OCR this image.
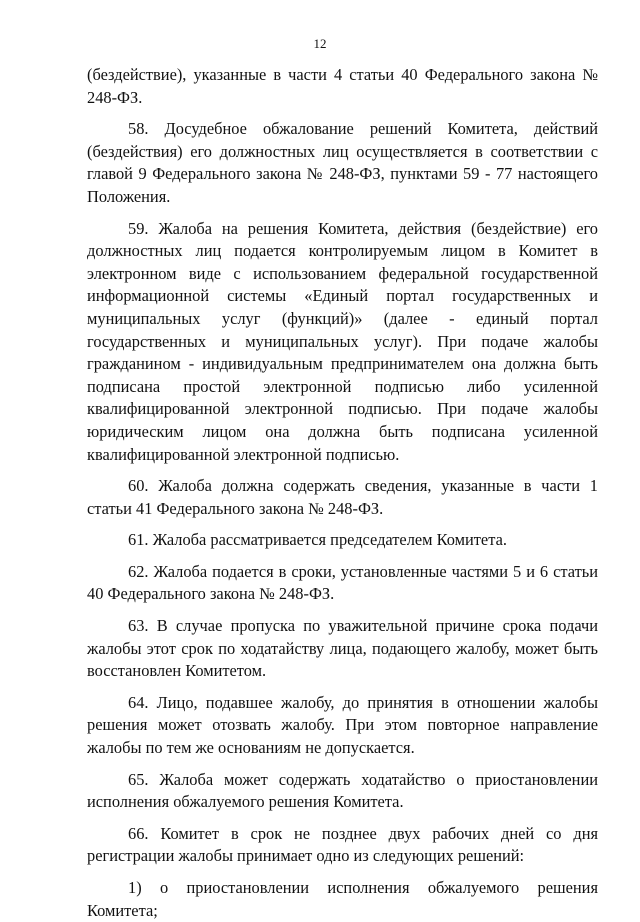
12

(бездействие), указанные в части 4 статьи 40 Федерального закона № 248-ФЗ.

58. Досудебное обжалование решений Комитета, действий (бездействия) его должностных лиц осуществляется в соответствии с главой 9 Федерального закона № 248-ФЗ, пунктами 59 - 77 настоящего Положения.

59. Жалоба на решения Комитета, действия (бездействие) его должностных лиц подается контролируемым лицом в Комитет в электронном виде с использованием федеральной государственной информационной системы «Единый портал государственных и муниципальных услуг (функций)» (далее - единый портал государственных и муниципальных услуг). При подаче жалобы гражданином - индивидуальным предпринимателем она должна быть подписана простой электронной подписью либо усиленной квалифицированной электронной подписью. При подаче жалобы юридическим лицом она должна быть подписана усиленной квалифицированной электронной подписью.

60. Жалоба должна содержать сведения, указанные в части 1 статьи 41 Федерального закона № 248-ФЗ.

61. Жалоба рассматривается председателем Комитета.

62. Жалоба подается в сроки, установленные частями 5 и 6 статьи 40 Федерального закона № 248-ФЗ.

63. В случае пропуска по уважительной причине срока подачи жалобы этот срок по ходатайству лица, подающего жалобу, может быть восстановлен Комитетом.

64. Лицо, подавшее жалобу, до принятия в отношении жалобы решения может отозвать жалобу. При этом повторное направление жалобы по тем же основаниям не допускается.

65. Жалоба может содержать ходатайство о приостановлении исполнения обжалуемого решения Комитета.

66. Комитет в срок не позднее двух рабочих дней со дня регистрации жалобы принимает одно из следующих решений:

1) о приостановлении исполнения обжалуемого решения Комитета;
